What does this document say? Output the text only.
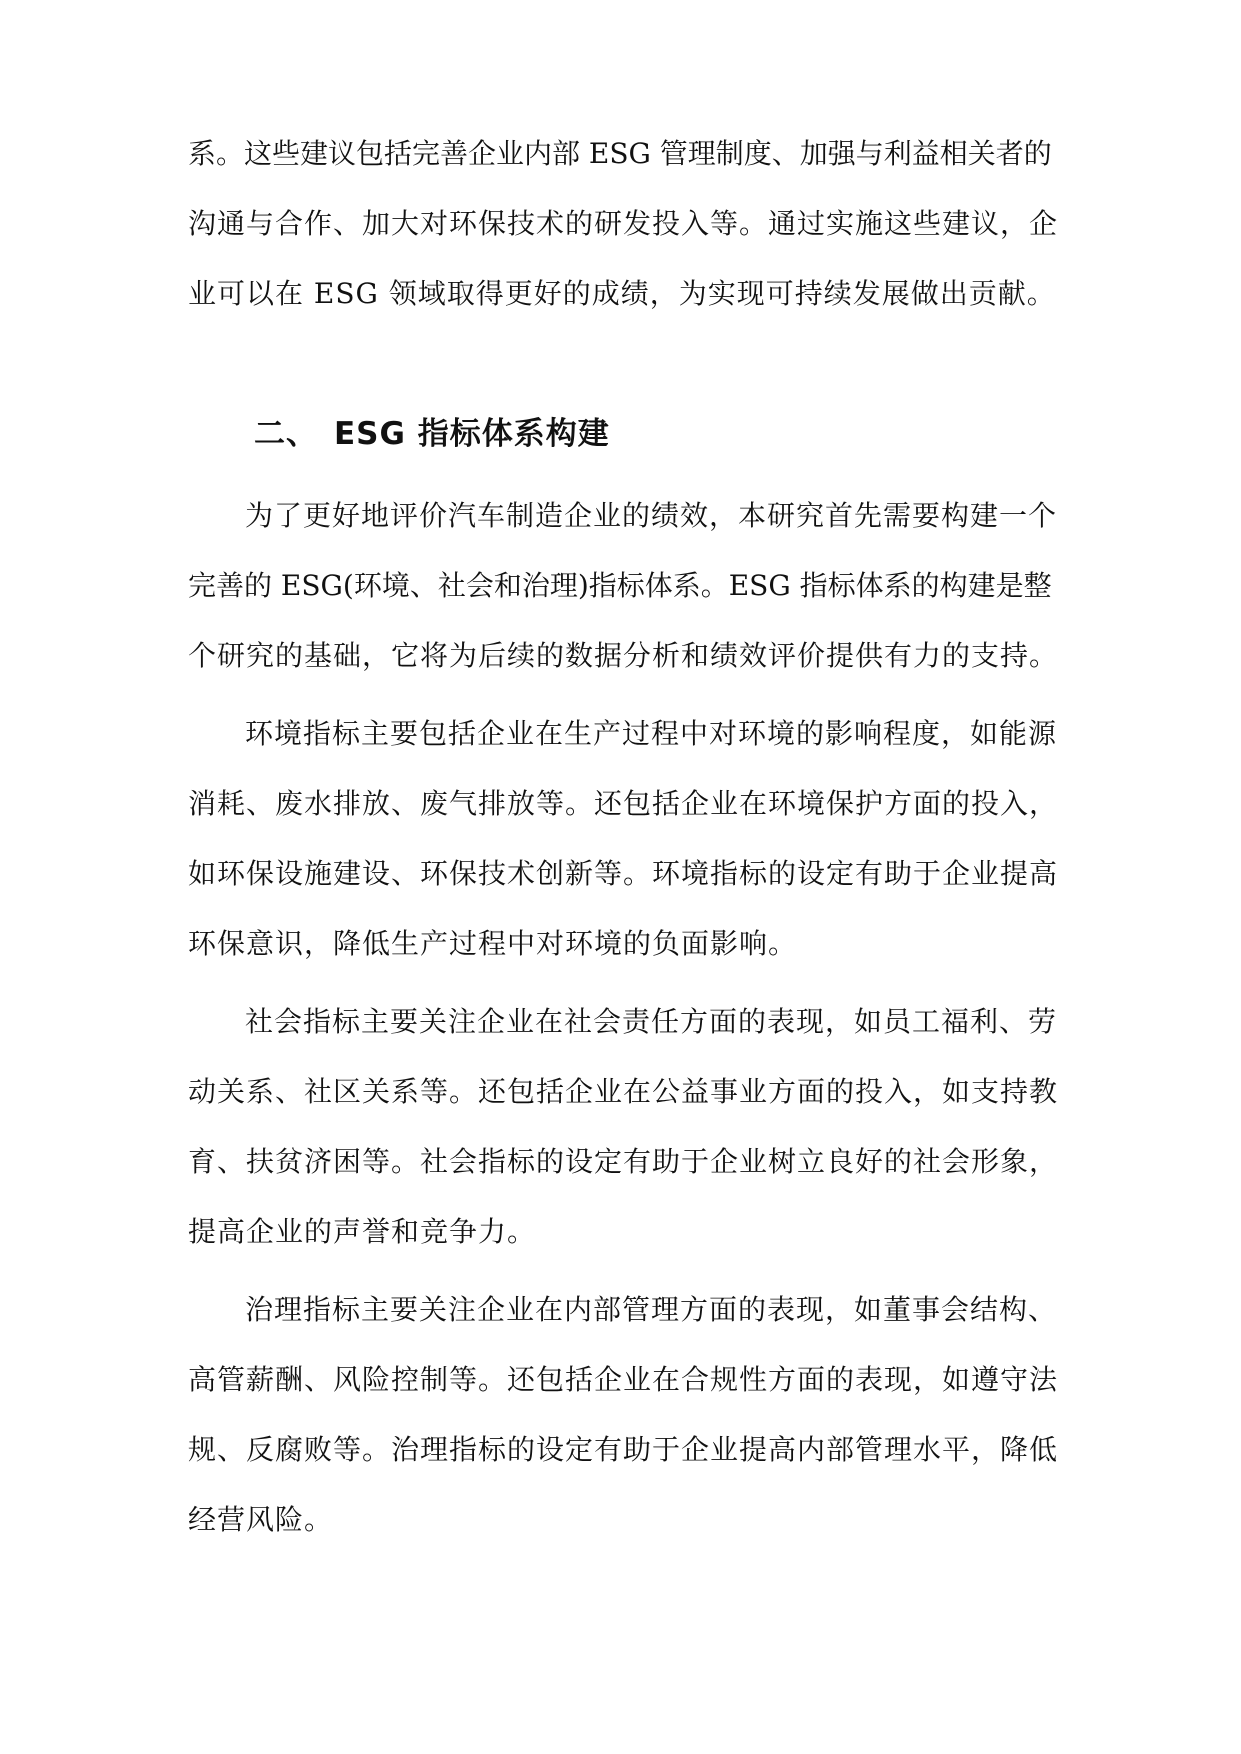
系。这些建议包括完善企业内部 ESG 管理制度、加强与利益相关者的
沟通与合作、加大对环保技术的研发投入等。通过实施这些建议，企
业可以在 ESG 领域取得更好的成绩，为实现可持续发展做出贡献。
二、 ESG 指标体系构建
为了更好地评价汽车制造企业的绩效，本研究首先需要构建一个
完善的 ESG(环境、社会和治理)指标体系。ESG 指标体系的构建是整
个研究的基础，它将为后续的数据分析和绩效评价提供有力的支持。
环境指标主要包括企业在生产过程中对环境的影响程度，如能源
消耗、废水排放、废气排放等。还包括企业在环境保护方面的投入，
如环保设施建设、环保技术创新等。环境指标的设定有助于企业提高
环保意识，降低生产过程中对环境的负面影响。
社会指标主要关注企业在社会责任方面的表现，如员工福利、劳
动关系、社区关系等。还包括企业在公益事业方面的投入，如支持教
育、扶贫济困等。社会指标的设定有助于企业树立良好的社会形象，
提高企业的声誉和竞争力。
治理指标主要关注企业在内部管理方面的表现，如董事会结构、
高管薪酬、风险控制等。还包括企业在合规性方面的表现，如遵守法
规、反腐败等。治理指标的设定有助于企业提高内部管理水平，降低
经营风险。
